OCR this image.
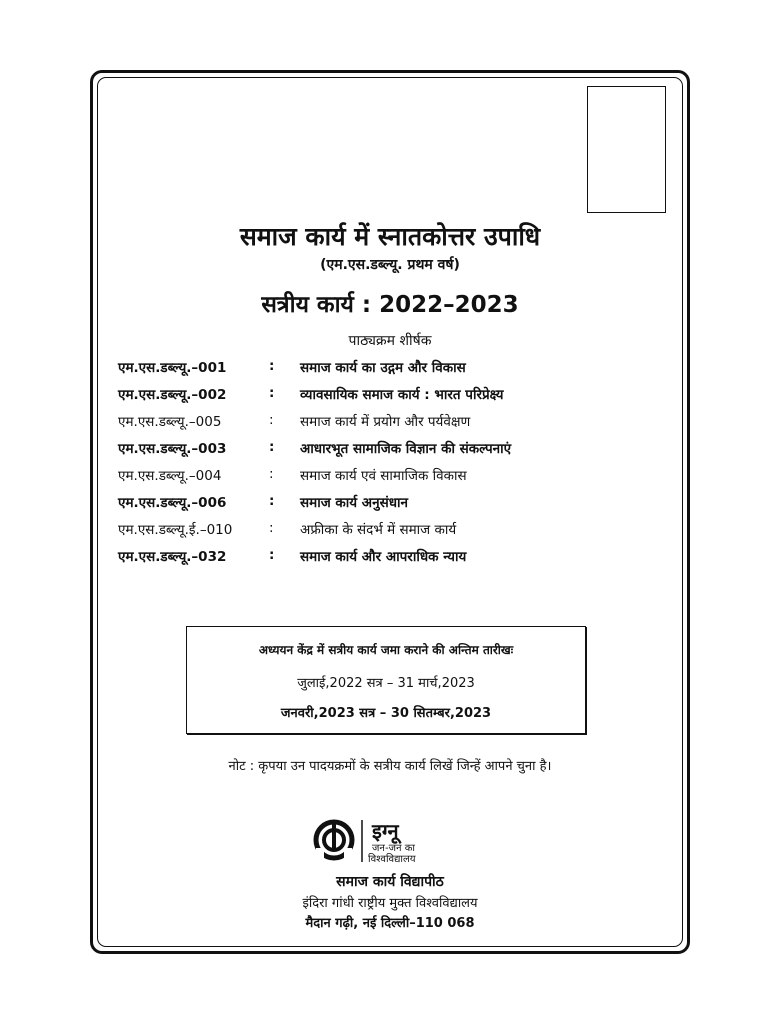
समाज कार्य में स्नातकोत्तर उपाधि
(एम.एस.डब्ल्यू. प्रथम वर्ष)
सत्रीय कार्य : 2022–2023
पाठ्यक्रम शीर्षक
एम.एस.डब्ल्यू.–001	: समाज कार्य का उद्गम और विकास
एम.एस.डब्ल्यू.–002	: व्यावसायिक समाज कार्य : भारत परिप्रेक्ष्य
एम.एस.डब्ल्यू.–005	: समाज कार्य में प्रयोग और पर्यवेक्षण
एम.एस.डब्ल्यू.–003	: आधारभूत सामाजिक विज्ञान की संकल्पनाएं
एम.एस.डब्ल्यू.–004	: समाज कार्य एवं सामाजिक विकास
एम.एस.डब्ल्यू.–006	: समाज कार्य अनुसंधान
एम.एस.डब्ल्यू.ई.–010	: अफ्रीका के संदर्भ में समाज कार्य
एम.एस.डब्ल्यू.–032	: समाज कार्य और आपराधिक न्याय
अध्ययन केंद्र में सत्रीय कार्य जमा कराने की अन्तिम तारीखः
जुलाई,2022 सत्र – 31 मार्च,2023
जनवरी,2023 सत्र – 30 सितम्बर,2023
नोट : कृपया उन पादयक्रमों के सत्रीय कार्य लिखें जिन्हें आपने चुना है।
इग्नू
जन-जन का
विश्वविद्यालय
समाज कार्य विद्यापीठ
इंदिरा गांधी राष्ट्रीय मुक्त विश्वविद्यालय
मैदान गढ़ी, नई दिल्ली–110 068
